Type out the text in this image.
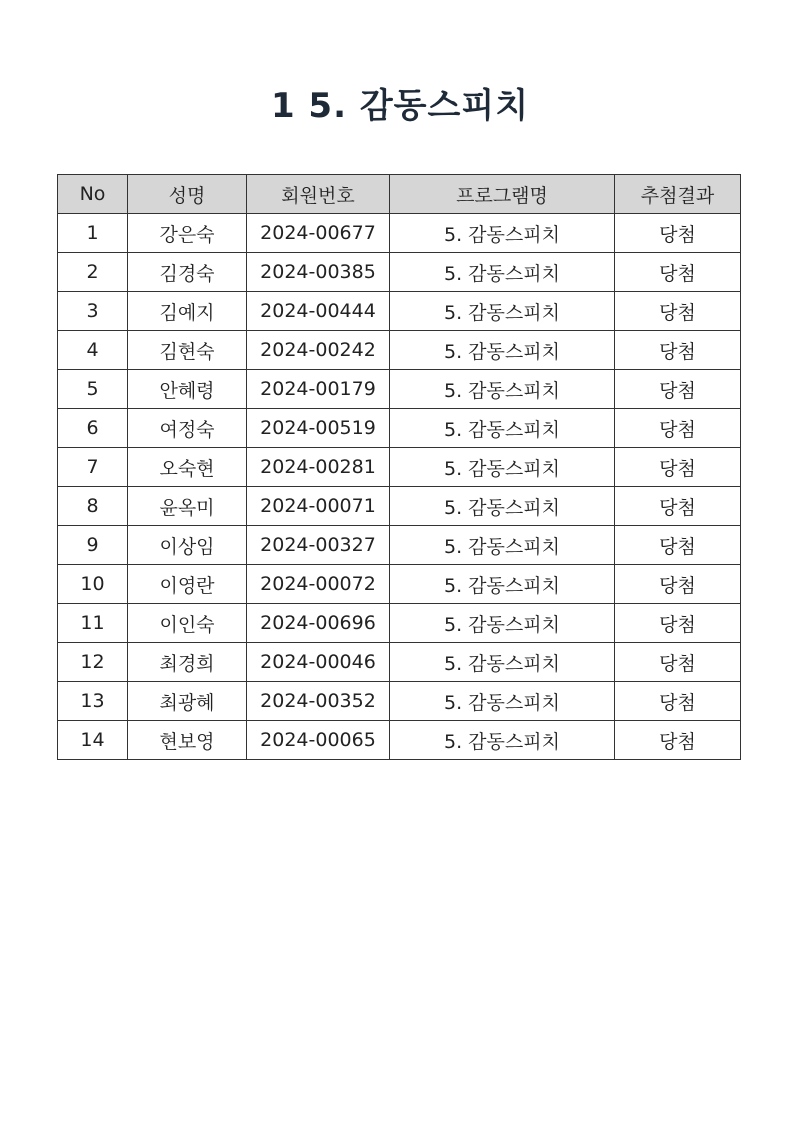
1 5. 감동스피치
No	성명	회원번호	프로그램명	추첨결과
1	강은숙	2024-00677	5. 감동스피치	당첨
2	김경숙	2024-00385	5. 감동스피치	당첨
3	김예지	2024-00444	5. 감동스피치	당첨
4	김현숙	2024-00242	5. 감동스피치	당첨
5	안혜령	2024-00179	5. 감동스피치	당첨
6	여정숙	2024-00519	5. 감동스피치	당첨
7	오숙현	2024-00281	5. 감동스피치	당첨
8	윤옥미	2024-00071	5. 감동스피치	당첨
9	이상임	2024-00327	5. 감동스피치	당첨
10	이영란	2024-00072	5. 감동스피치	당첨
11	이인숙	2024-00696	5. 감동스피치	당첨
12	최경희	2024-00046	5. 감동스피치	당첨
13	최광혜	2024-00352	5. 감동스피치	당첨
14	현보영	2024-00065	5. 감동스피치	당첨
